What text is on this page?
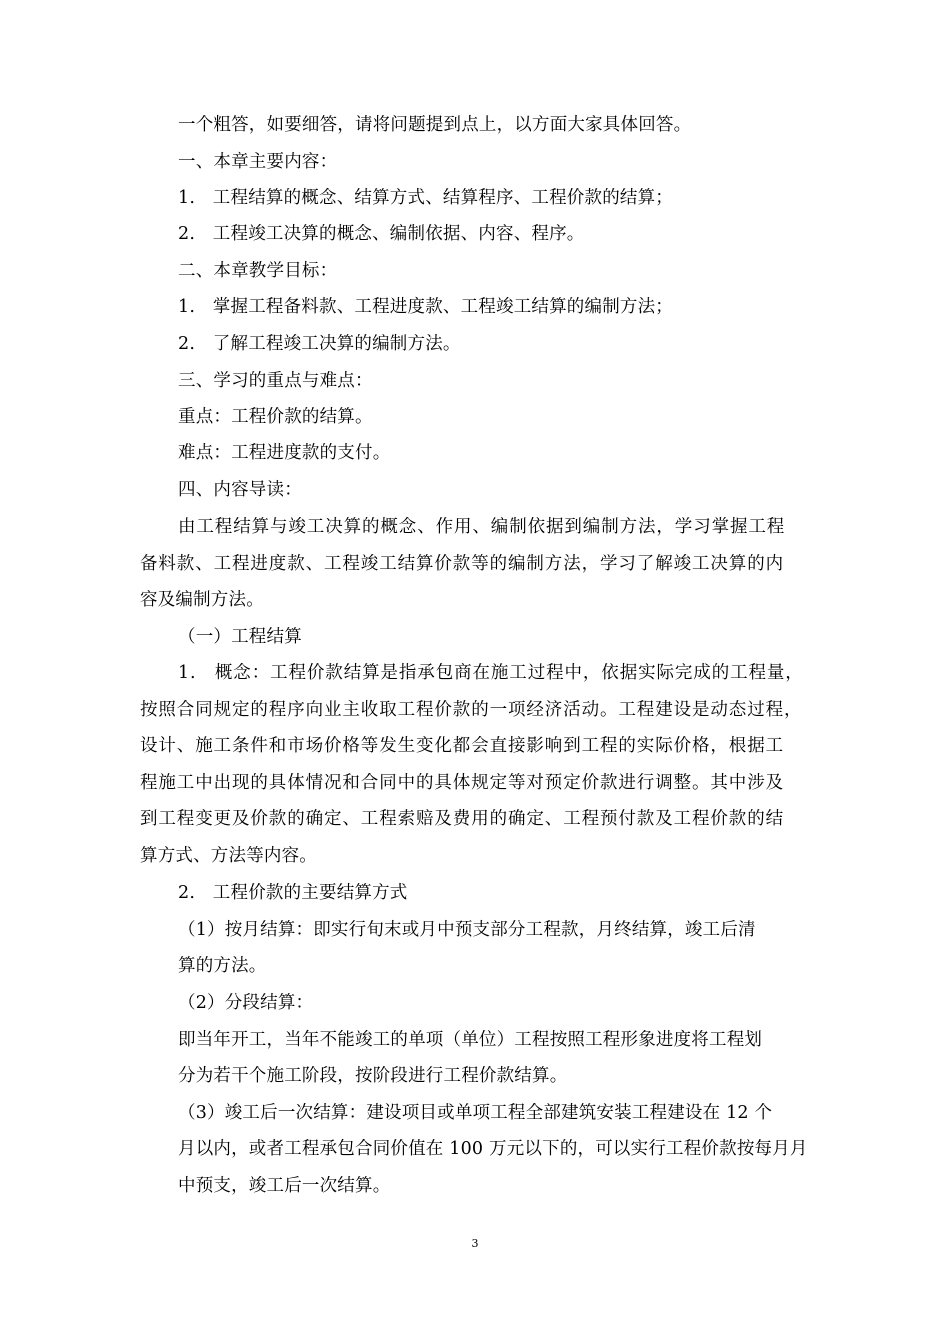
一个粗答，如要细答，请将问题提到点上，以方面大家具体回答。
一、本章主要内容：
1.　工程结算的概念、结算方式、结算程序、工程价款的结算；
2.　工程竣工决算的概念、编制依据、内容、程序。
二、本章教学目标：
1.　掌握工程备料款、工程进度款、工程竣工结算的编制方法；
2.　了解工程竣工决算的编制方法。
三、学习的重点与难点：
重点：工程价款的结算。
难点：工程进度款的支付。
四、内容导读：
由工程结算与竣工决算的概念、作用、编制依据到编制方法，学习掌握工程
备料款、工程进度款、工程竣工结算价款等的编制方法，学习了解竣工决算的内
容及编制方法。
（一）工程结算
1.　概念：工程价款结算是指承包商在施工过程中，依据实际完成的工程量，
按照合同规定的程序向业主收取工程价款的一项经济活动。工程建设是动态过程，
设计、施工条件和市场价格等发生变化都会直接影响到工程的实际价格，根据工
程施工中出现的具体情况和合同中的具体规定等对预定价款进行调整。其中涉及
到工程变更及价款的确定、工程索赔及费用的确定、工程预付款及工程价款的结
算方式、方法等内容。
2.　工程价款的主要结算方式
（1）按月结算：即实行旬末或月中预支部分工程款，月终结算，竣工后清
算的方法。
（2）分段结算：
即当年开工，当年不能竣工的单项（单位）工程按照工程形象进度将工程划
分为若干个施工阶段，按阶段进行工程价款结算。
（3）竣工后一次结算：建设项目或单项工程全部建筑安装工程建设在 12 个
月以内，或者工程承包合同价值在 100 万元以下的，可以实行工程价款按每月月
中预支，竣工后一次结算。
3
